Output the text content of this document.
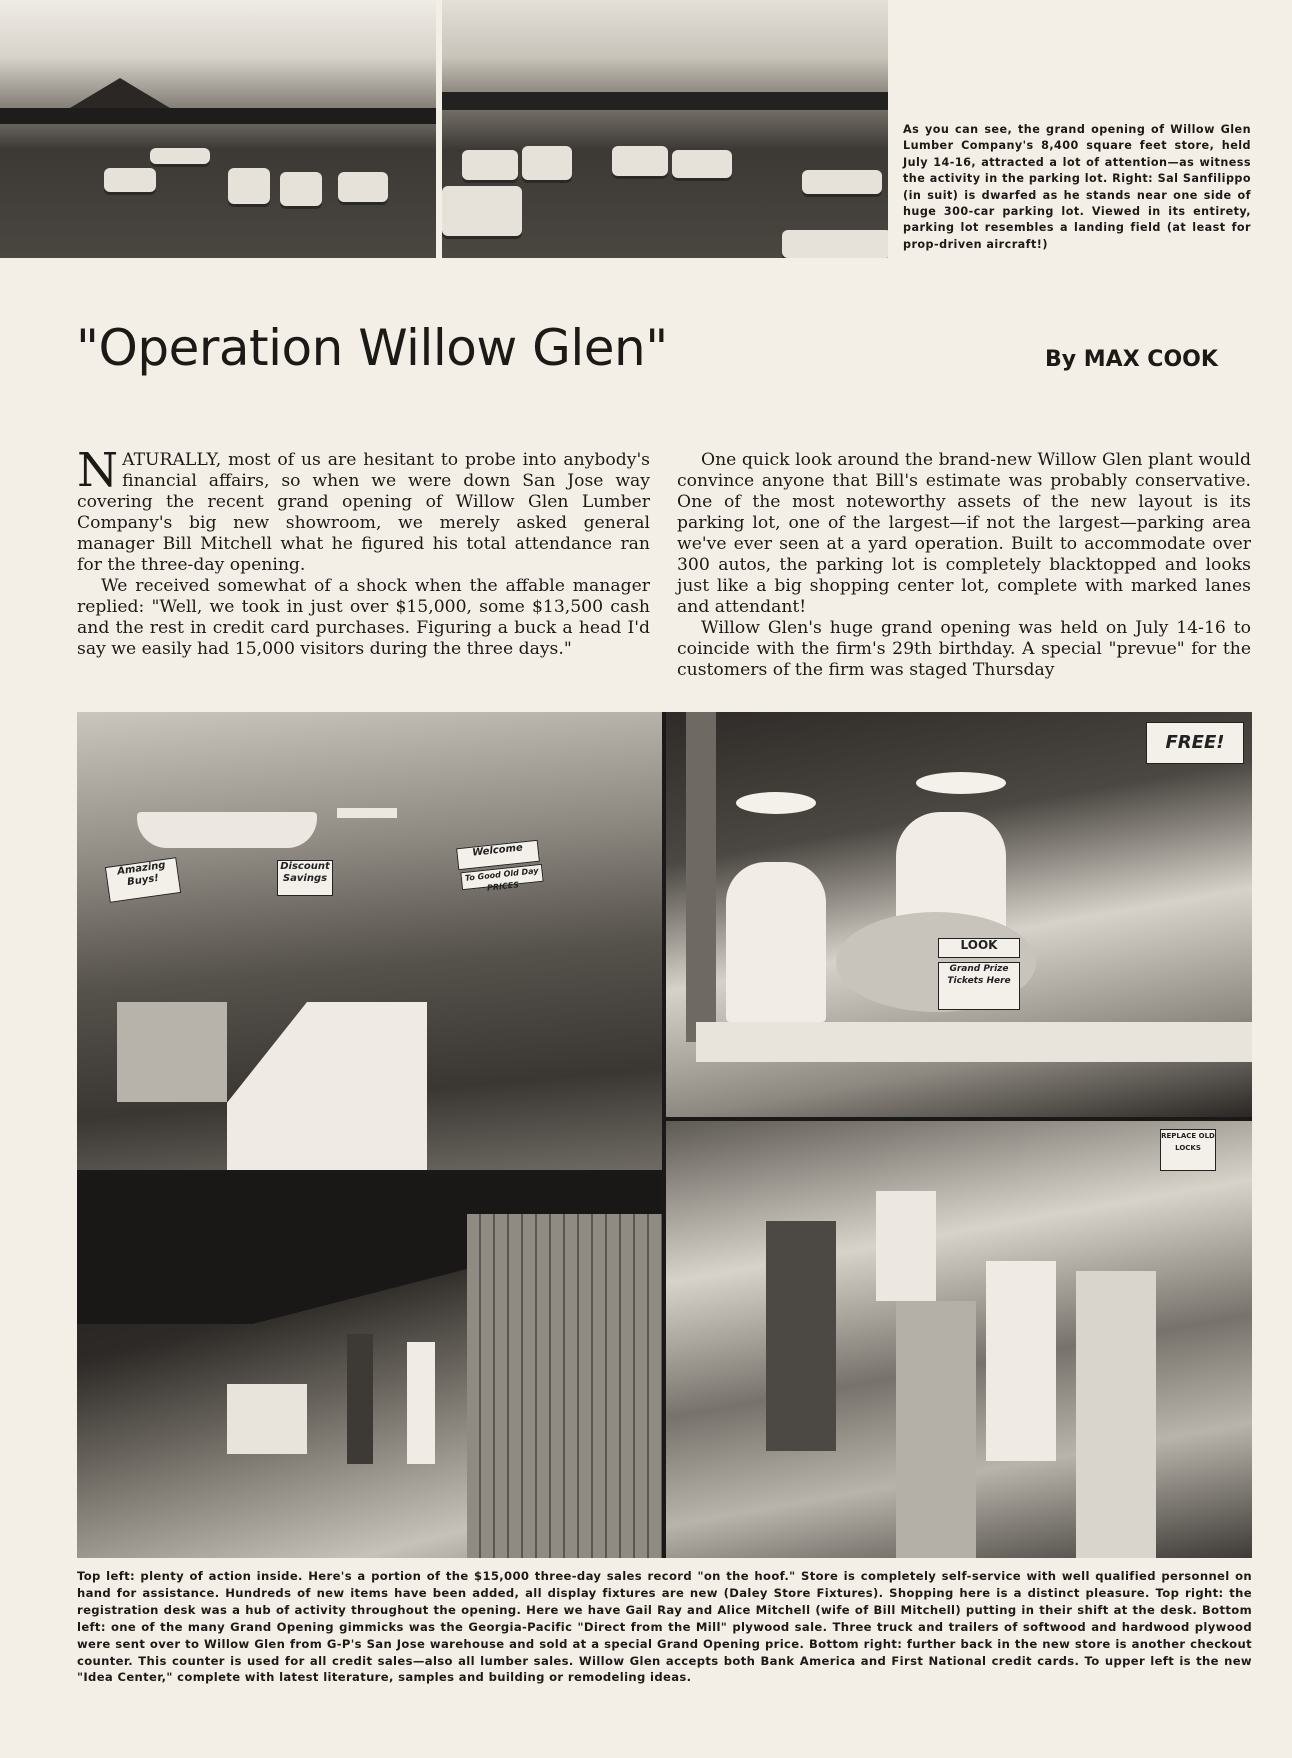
As you can see, the grand opening of Willow Glen Lumber Company's 8,400 square feet store, held July 14-16, attracted a lot of attention—as witness the activity in the parking lot. Right: Sal Sanfilippo (in suit) is dwarfed as he stands near one side of huge 300-car parking lot. Viewed in its entirety, parking lot resembles a landing field (at least for prop-driven aircraft!)

"Operation Willow Glen"	By MAX COOK

NATURALLY, most of us are hesitant to probe into anybody's financial affairs, so when we were down San Jose way covering the recent grand opening of Willow Glen Lumber Company's big new showroom, we merely asked general manager Bill Mitchell what he figured his total attendance ran for the three-day opening.

We received somewhat of a shock when the affable manager replied: "Well, we took in just over $15,000, some $13,500 cash and the rest in credit card purchases. Figuring a buck a head I'd say we easily had 15,000 visitors during the three days."

One quick look around the brand-new Willow Glen plant would convince anyone that Bill's estimate was probably conservative. One of the most noteworthy assets of the new layout is its parking lot, one of the largest—if not the largest—parking area we've ever seen at a yard operation. Built to accommodate over 300 autos, the parking lot is completely blacktopped and looks just like a big shopping center lot, complete with marked lanes and attendant!

Willow Glen's huge grand opening was held on July 14-16 to coincide with the firm's 29th birthday. A special "prevue" for the customers of the firm was staged Thursday

Amazing Buys!
Discount Savings
Welcome
To Good Old Day PRICES
LOOK
Grand Prize Tickets Here
FREE!
REPLACE OLD LOCKS

Top left: plenty of action inside. Here's a portion of the $15,000 three-day sales record "on the hoof." Store is completely self-service with well qualified personnel on hand for assistance. Hundreds of new items have been added, all display fixtures are new (Daley Store Fixtures). Shopping here is a distinct pleasure. Top right: the registration desk was a hub of activity throughout the opening. Here we have Gail Ray and Alice Mitchell (wife of Bill Mitchell) putting in their shift at the desk. Bottom left: one of the many Grand Opening gimmicks was the Georgia-Pacific "Direct from the Mill" plywood sale. Three truck and trailers of softwood and hardwood plywood were sent over to Willow Glen from G-P's San Jose warehouse and sold at a special Grand Opening price. Bottom right: further back in the new store is another checkout counter. This counter is used for all credit sales—also all lumber sales. Willow Glen accepts both Bank America and First National credit cards. To upper left is the new "Idea Center," complete with latest literature, samples and building or remodeling ideas.
